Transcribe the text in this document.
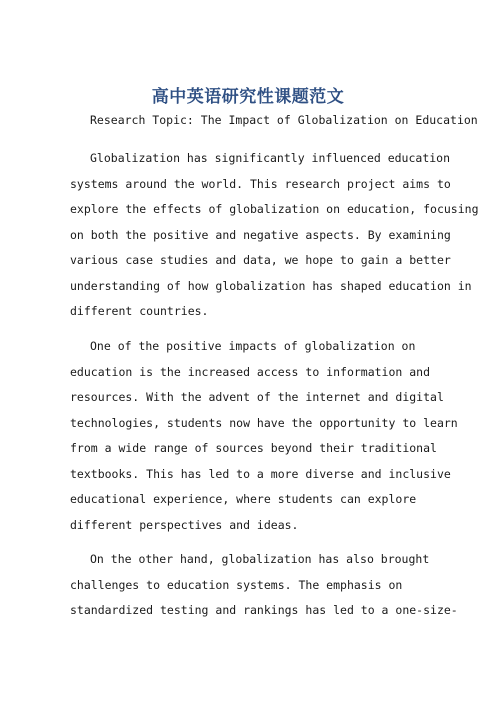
高中英语研究性课题范文

Research Topic: The Impact of Globalization on Education

Globalization has significantly influenced education

systems around the world. This research project aims to

explore the effects of globalization on education, focusing

on both the positive and negative aspects. By examining

various case studies and data, we hope to gain a better

understanding of how globalization has shaped education in

different countries.

One of the positive impacts of globalization on

education is the increased access to information and

resources. With the advent of the internet and digital

technologies, students now have the opportunity to learn

from a wide range of sources beyond their traditional

textbooks. This has led to a more diverse and inclusive

educational experience, where students can explore

different perspectives and ideas.

On the other hand, globalization has also brought

challenges to education systems. The emphasis on

standardized testing and rankings has led to a one-size-
